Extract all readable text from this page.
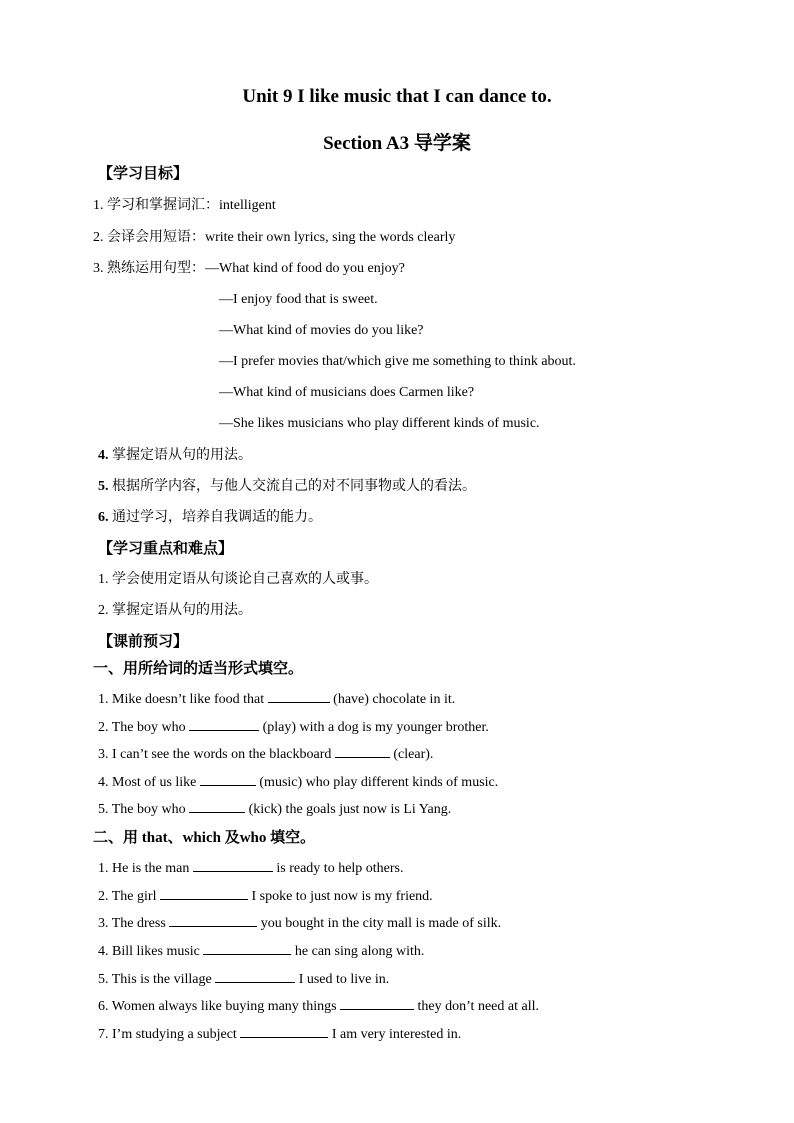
Unit 9 I like music that I can dance to.
Section A3 导学案
【学习目标】
1. 学习和掌握词汇：intelligent
2. 会译会用短语：write their own lyrics, sing the words clearly
3. 熟练运用句型：—What kind of food do you enjoy?
—I enjoy food that is sweet.
—What kind of movies do you like?
—I prefer movies that/which give me something to think about.
—What kind of musicians does Carmen like?
—She likes musicians who play different kinds of music.
4. 掌握定语从句的用法。
5. 根据所学内容，与他人交流自己的对不同事物或人的看法。
6. 通过学习，培养自我调适的能力。
【学习重点和难点】
1. 学会使用定语从句谈论自己喜欢的人或事。
2. 掌握定语从句的用法。
【课前预习】
一、用所给词的适当形式填空。
1. Mike doesn’t like food that	(have) chocolate in it.
2. The boy who	(play) with a dog is my younger brother.
3. I can’t see the words on the blackboard	(clear).
4. Most of us like	(music) who play different kinds of music.
5. The boy who	(kick) the goals just now is Li Yang.
二、用 that、which 及who 填空。
1. He is the man	is ready to help others.
2. The girl	I spoke to just now is my friend.
3. The dress	you bought in the city mall is made of silk.
4. Bill likes music	he can sing along with.
5. This is the village	I used to live in.
6. Women always like buying many things	they don’t need at all.
7. I’m studying a subject	I am very interested in.
